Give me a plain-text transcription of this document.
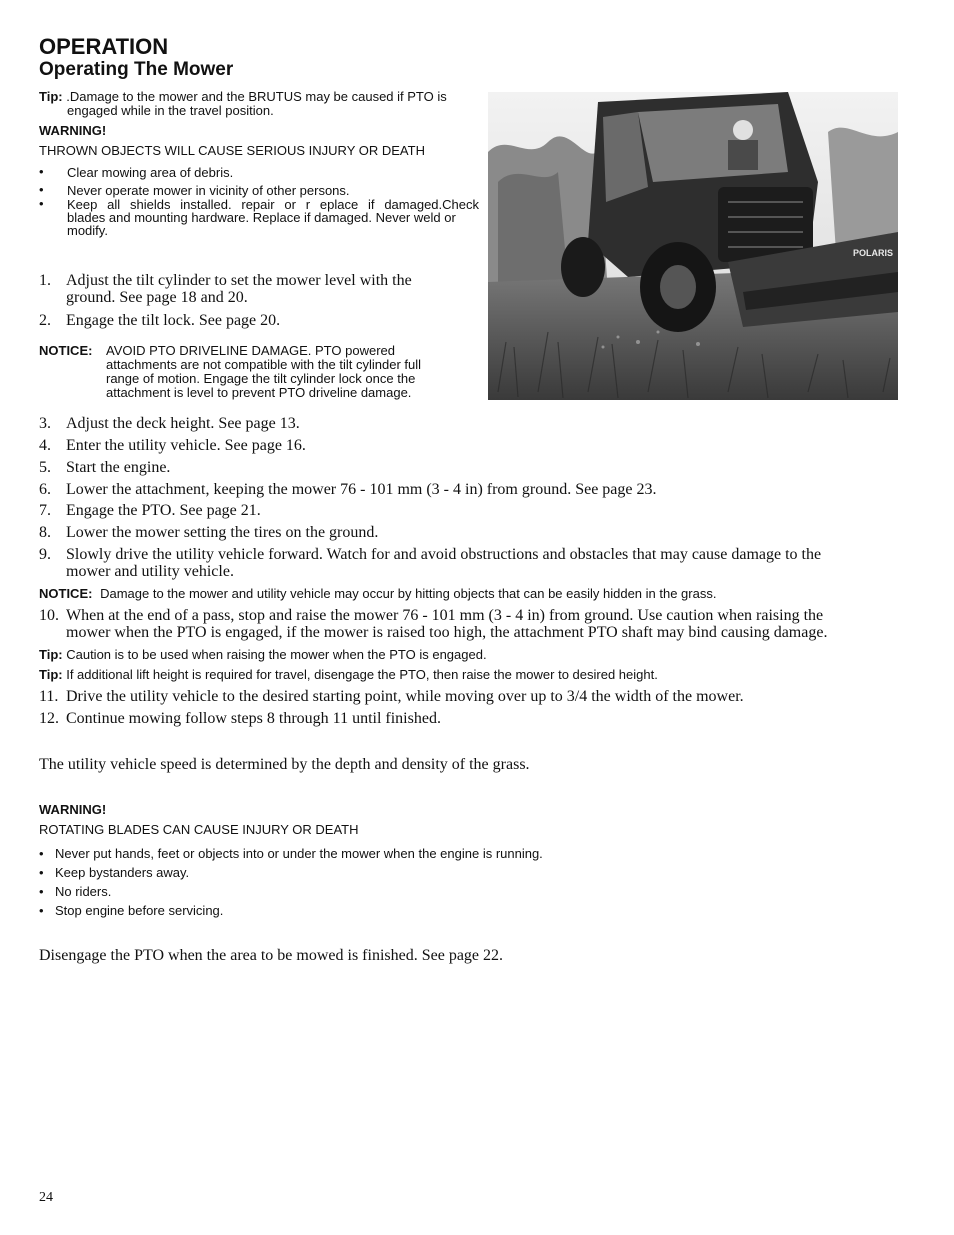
OPERATION
Operating The Mower
Tip: .Damage to the mower and the BRUTUS may be caused if PTO is
engaged while in the travel position.
WARNING!
THROWN OBJECTS WILL CAUSE SERIOUS INJURY OR DEATH
• Clear mowing area of debris.
• Never operate mower in vicinity of other persons.
• Keep all shields installed. repair or r eplace if damaged.Check
blades and mounting hardware. Replace if damaged. Never weld or
modify.
1. Adjust the tilt cylinder to set the mower level with the
ground. See page 18 and 20.
2. Engage the tilt lock. See page 20.
NOTICE: AVOID PTO DRIVELINE DAMAGE. PTO powered
attachments are not compatible with the tilt cylinder full
range of motion. Engage the tilt cylinder lock once the
attachment is level to prevent PTO driveline damage.
POLARIS
3. Adjust the deck height. See page 13.
4. Enter the utility vehicle. See page 16.
5. Start the engine.
6. Lower the attachment, keeping the mower 76 - 101 mm (3 - 4 in) from ground. See page 23.
7. Engage the PTO. See page 21.
8. Lower the mower setting the tires on the ground.
9. Slowly drive the utility vehicle forward. Watch for and avoid obstructions and obstacles that may cause damage to the
mower and utility vehicle.
NOTICE: Damage to the mower and utility vehicle may occur by hitting objects that can be easily hidden in the grass.
10. When at the end of a pass, stop and raise the mower 76 - 101 mm (3 - 4 in) from ground. Use caution when raising the
mower when the PTO is engaged, if the mower is raised too high, the attachment PTO shaft may bind causing damage.
Tip: Caution is to be used when raising the mower when the PTO is engaged.
Tip: If additional lift height is required for travel, disengage the PTO, then raise the mower to desired height.
11. Drive the utility vehicle to the desired starting point, while moving over up to 3/4 the width of the mower.
12. Continue mowing follow steps 8 through 11 until finished.
The utility vehicle speed is determined by the depth and density of the grass.
WARNING!
ROTATING BLADES CAN CAUSE INJURY OR DEATH
• Never put hands, feet or objects into or under the mower when the engine is running.
• Keep bystanders away.
• No riders.
• Stop engine before servicing.
Disengage the PTO when the area to be mowed is finished. See page 22.
24
